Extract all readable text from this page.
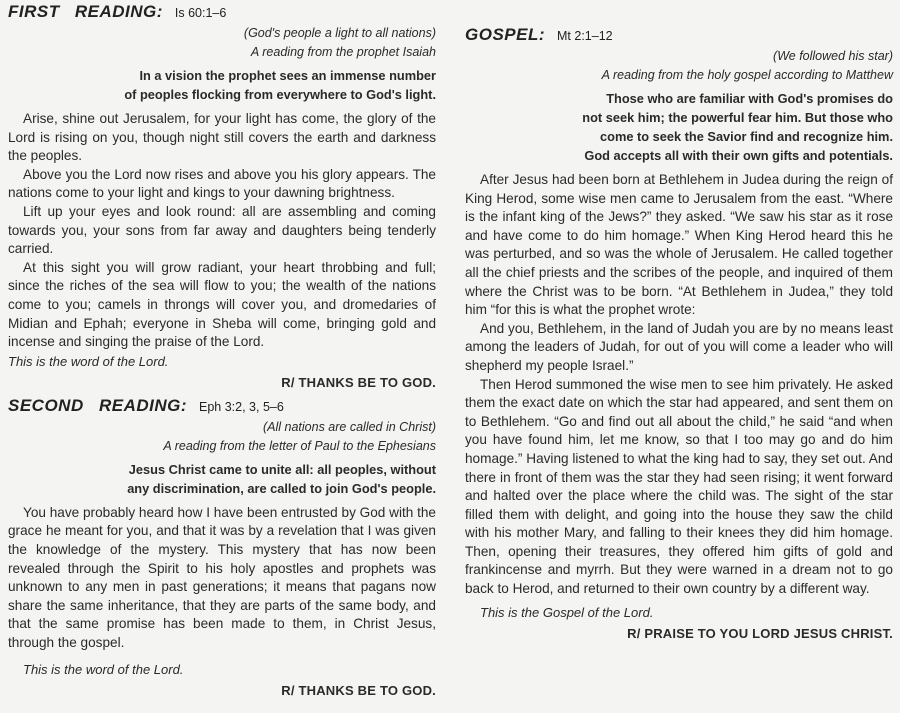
FIRST READING: Is 60:1–6
(God's people a light to all nations)
A reading from the prophet Isaiah
In a vision the prophet sees an immense number
of peoples flocking from everywhere to God's light.

Arise, shine out Jerusalem, for your light has come, the glory of the Lord is rising on you, though night still covers the earth and darkness the peoples.

Above you the Lord now rises and above you his glory appears. The nations come to your light and kings to your dawning brightness.

Lift up your eyes and look round: all are assembling and coming towards you, your sons from far away and daughters being tenderly carried.

At this sight you will grow radiant, your heart throbbing and full; since the riches of the sea will flow to you; the wealth of the nations come to you; camels in throngs will cover you, and dromedaries of Midian and Ephah; everyone in Sheba will come, bringing gold and incense and singing the praise of the Lord.

This is the word of the Lord.
R/ THANKS BE TO GOD.
SECOND READING: Eph 3:2, 3, 5–6
(All nations are called in Christ)
A reading from the letter of Paul to the Ephesians
Jesus Christ came to unite all: all peoples, without
any discrimination, are called to join God's people.

You have probably heard how I have been entrusted by God with the grace he meant for you, and that it was by a revelation that I was given the knowledge of the mystery. This mystery that has now been revealed through the Spirit to his holy apostles and prophets was unknown to any men in past generations; it means that pagans now share the same inheritance, that they are parts of the same body, and that the same promise has been made to them, in Christ Jesus, through the gospel.

This is the word of the Lord.
R/ THANKS BE TO GOD.
GOSPEL: Mt 2:1–12
(We followed his star)
A reading from the holy gospel according to Matthew
Those who are familiar with God's promises do
not seek him; the powerful fear him. But those who
come to seek the Savior find and recognize him.
God accepts all with their own gifts and potentials.

After Jesus had been born at Bethlehem in Judea during the reign of King Herod, some wise men came to Jerusalem from the east. “Where is the infant king of the Jews?” they asked. “We saw his star as it rose and have come to do him homage.” When King Herod heard this he was perturbed, and so was the whole of Jerusalem. He called together all the chief priests and the scribes of the people, and inquired of them where the Christ was to be born. “At Bethlehem in Judea,” they told him “for this is what the prophet wrote:

And you, Bethlehem, in the land of Judah you are by no means least among the leaders of Judah, for out of you will come a leader who will shepherd my people Israel.”

Then Herod summoned the wise men to see him privately. He asked them the exact date on which the star had appeared, and sent them on to Bethlehem. “Go and find out all about the child,” he said “and when you have found him, let me know, so that I too may go and do him homage.” Having listened to what the king had to say, they set out. And there in front of them was the star they had seen rising; it went forward and halted over the place where the child was. The sight of the star filled them with delight, and going into the house they saw the child with his mother Mary, and falling to their knees they did him homage. Then, opening their treasures, they offered him gifts of gold and frankincense and myrrh. But they were warned in a dream not to go back to Herod, and returned to their own country by a different way.

This is the Gospel of the Lord.
R/ PRAISE TO YOU LORD JESUS CHRIST.
